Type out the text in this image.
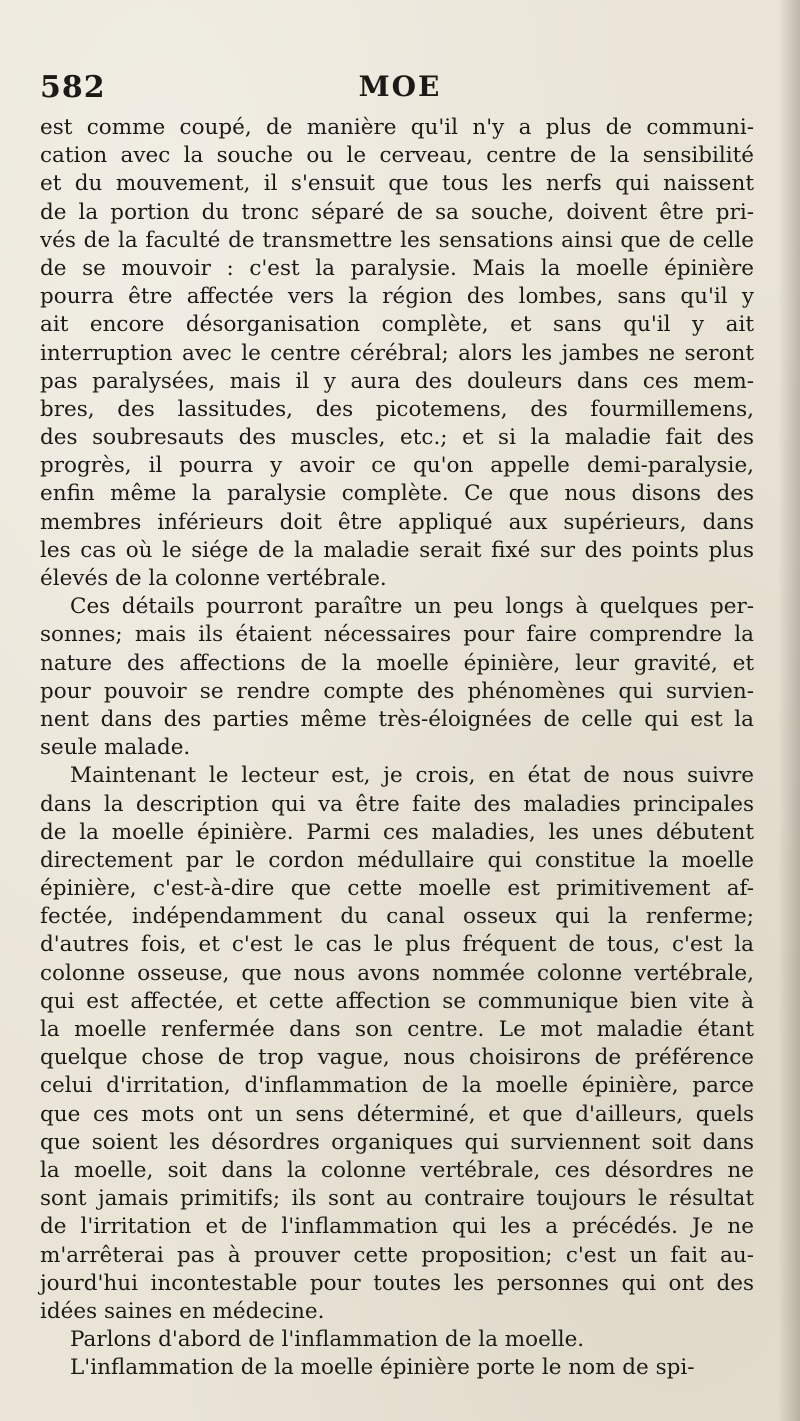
582	MOE
est comme coupé, de manière qu'il n'y a plus de communi-
cation avec la souche ou le cerveau, centre de la sensibilité
et du mouvement, il s'ensuit que tous les nerfs qui naissent
de la portion du tronc séparé de sa souche, doivent être pri-
vés de la faculté de transmettre les sensations ainsi que de celle
de se mouvoir : c'est la paralysie. Mais la moelle épinière
pourra être affectée vers la région des lombes, sans qu'il y
ait encore désorganisation complète, et sans qu'il y ait
interruption avec le centre cérébral; alors les jambes ne seront
pas paralysées, mais il y aura des douleurs dans ces mem-
bres, des lassitudes, des picotemens, des fourmillemens,
des soubresauts des muscles, etc.; et si la maladie fait des
progrès, il pourra y avoir ce qu'on appelle demi-paralysie,
enfin même la paralysie complète. Ce que nous disons des
membres inférieurs doit être appliqué aux supérieurs, dans
les cas où le siége de la maladie serait fixé sur des points plus
élevés de la colonne vertébrale.
Ces détails pourront paraître un peu longs à quelques per-
sonnes; mais ils étaient nécessaires pour faire comprendre la
nature des affections de la moelle épinière, leur gravité, et
pour pouvoir se rendre compte des phénomènes qui survien-
nent dans des parties même très-éloignées de celle qui est la
seule malade.
Maintenant le lecteur est, je crois, en état de nous suivre
dans la description qui va être faite des maladies principales
de la moelle épinière. Parmi ces maladies, les unes débutent
directement par le cordon médullaire qui constitue la moelle
épinière, c'est-à-dire que cette moelle est primitivement af-
fectée, indépendamment du canal osseux qui la renferme;
d'autres fois, et c'est le cas le plus fréquent de tous, c'est la
colonne osseuse, que nous avons nommée colonne vertébrale,
qui est affectée, et cette affection se communique bien vite à
la moelle renfermée dans son centre. Le mot maladie étant
quelque chose de trop vague, nous choisirons de préférence
celui d'irritation, d'inflammation de la moelle épinière, parce
que ces mots ont un sens déterminé, et que d'ailleurs, quels
que soient les désordres organiques qui surviennent soit dans
la moelle, soit dans la colonne vertébrale, ces désordres ne
sont jamais primitifs; ils sont au contraire toujours le résultat
de l'irritation et de l'inflammation qui les a précédés. Je ne
m'arrêterai pas à prouver cette proposition; c'est un fait au-
jourd'hui incontestable pour toutes les personnes qui ont des
idées saines en médecine.
Parlons d'abord de l'inflammation de la moelle.
L'inflammation de la moelle épinière porte le nom de spi-
